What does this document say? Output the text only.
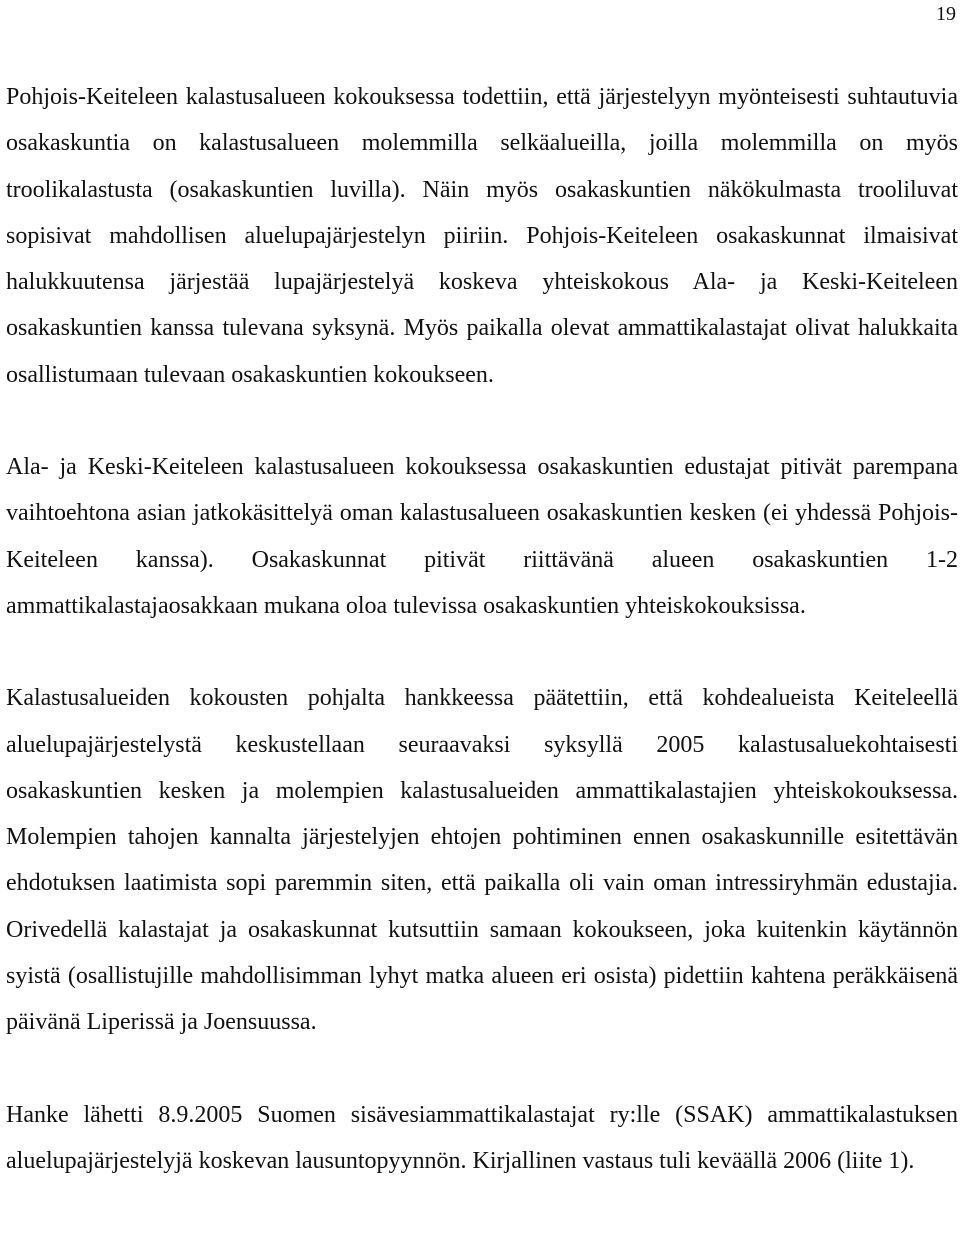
19

Pohjois-Keiteleen kalastusalueen kokouksessa todettiin, että järjestelyyn myönteisesti suhtautuvia osakaskuntia on kalastusalueen molemmilla selkäalueilla, joilla molemmilla on myös troolikalastusta (osakaskuntien luvilla). Näin myös osakaskuntien näkökulmasta trooliluvat sopisivat mahdollisen aluelupajärjestelyn piiriin. Pohjois-Keiteleen osakaskunnat ilmaisivat halukkuutensa järjestää lupajärjestelyä koskeva yhteiskokous Ala- ja Keski-Keiteleen osakaskuntien kanssa tulevana syksynä. Myös paikalla olevat ammattikalastajat olivat halukkaita osallistumaan tulevaan osakaskuntien kokoukseen.

Ala- ja Keski-Keiteleen kalastusalueen kokouksessa osakaskuntien edustajat pitivät parempana vaihtoehtona asian jatkokäsittelyä oman kalastusalueen osakaskuntien kesken (ei yhdessä Pohjois-Keiteleen kanssa). Osakaskunnat pitivät riittävänä alueen osakaskuntien 1-2 ammattikalastajaosakkaan mukana oloa tulevissa osakaskuntien yhteiskokouksissa.

Kalastusalueiden kokousten pohjalta hankkeessa päätettiin, että kohdealueista Keiteleellä aluelupajärjestelystä keskustellaan seuraavaksi syksyllä 2005 kalastusaluekohtaisesti osakaskuntien kesken ja molempien kalastusalueiden ammattikalastajien yhteiskokouksessa. Molempien tahojen kannalta järjestelyjen ehtojen pohtiminen ennen osakaskunnille esitettävän ehdotuksen laatimista sopi paremmin siten, että paikalla oli vain oman intressiryhmän edustajia. Orivedellä kalastajat ja osakaskunnat kutsuttiin samaan kokoukseen, joka kuitenkin käytännön syistä (osallistujille mahdollisimman lyhyt matka alueen eri osista) pidettiin kahtena peräkkäisenä päivänä Liperissä ja Joensuussa.

Hanke lähetti 8.9.2005 Suomen sisävesiammattikalastajat ry:lle (SSAK) ammattikalastuksen aluelupajärjestelyjä koskevan lausuntopyynnön. Kirjallinen vastaus tuli keväällä 2006 (liite 1).
